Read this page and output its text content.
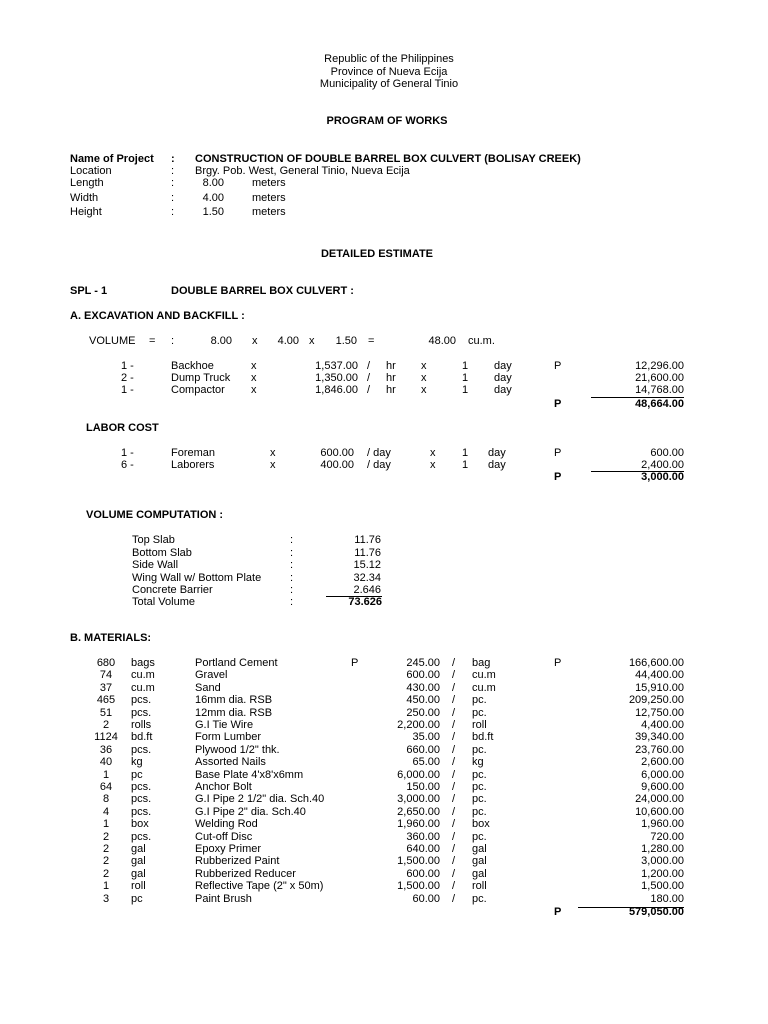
Republic of the Philippines
Province of Nueva Ecija
Municipality of General Tinio
PROGRAM OF WORKS
Name of Project : CONSTRUCTION OF DOUBLE BARREL BOX CULVERT (BOLISAY CREEK)
Location	: Brgy. Pob. West, General Tinio, Nueva Ecija
Length	:	8.00	meters
Width	:	4.00	meters
Height	:	1.50	meters
DETAILED ESTIMATE
SPL - 1	DOUBLE BARREL BOX CULVERT :
A. EXCAVATION AND BACKFILL :
VOLUME = :	8.00 x	4.00 x	1.50 =	48.00 cu.m.
1 -	Backhoe	x	1,537.00 / hr x	1 day	P	12,296.00
2 -	Dump Truck x	1,350.00 / hr x	1 day	21,600.00
1 -	Compactor x	1,846.00 / hr x	1 day	14,768.00
P	48,664.00
LABOR COST
1 -	Foreman	x	600.00 / day	x 1 day	P	600.00
6 -	Laborers	x	400.00 / day	x 1 day	2,400.00
P	3,000.00
VOLUME COMPUTATION :
Top Slab	:	11.76
Bottom Slab	:	11.76
Side Wall	:	15.12
Wing Wall w/ Bottom Plate	:	32.34
Concrete Barrier	:	2.646
Total Volume	:	73.626
B. MATERIALS:
680	bags	Portland Cement	P	245.00 / bag	P	166,600.00
74	cu.m	Gravel	600.00 / cu.m	44,400.00
37	cu.m	Sand	430.00 / cu.m	15,910.00
465	pcs.	16mm dia. RSB	450.00 / pc.	209,250.00
51	pcs.	12mm dia. RSB	250.00 / pc.	12,750.00
2	rolls	G.I Tie Wire	2,200.00 / roll	4,400.00
1124	bd.ft	Form Lumber	35.00 / bd.ft	39,340.00
36	pcs.	Plywood 1/2" thk.	660.00 / pc.	23,760.00
40	kg	Assorted Nails	65.00 / kg	2,600.00
1	pc	Base Plate 4'x8'x6mm	6,000.00 / pc.	6,000.00
64	pcs.	Anchor Bolt	150.00 / pc.	9,600.00
8	pcs.	G.I Pipe 2 1/2" dia. Sch.40	3,000.00 / pc.	24,000.00
4	pcs.	G.I Pipe 2" dia. Sch.40	2,650.00 / pc.	10,600.00
1	box	Welding Rod	1,960.00 / box	1,960.00
2	pcs.	Cut-off Disc	360.00 / pc.	720.00
2	gal	Epoxy Primer	640.00 / gal	1,280.00
2	gal	Rubberized Paint	1,500.00 / gal	3,000.00
2	gal	Rubberized Reducer	600.00 / gal	1,200.00
1	roll	Reflective Tape (2" x 50m)	1,500.00 / roll	1,500.00
3	pc	Paint Brush	60.00 / pc.	180.00
P	579,050.00
